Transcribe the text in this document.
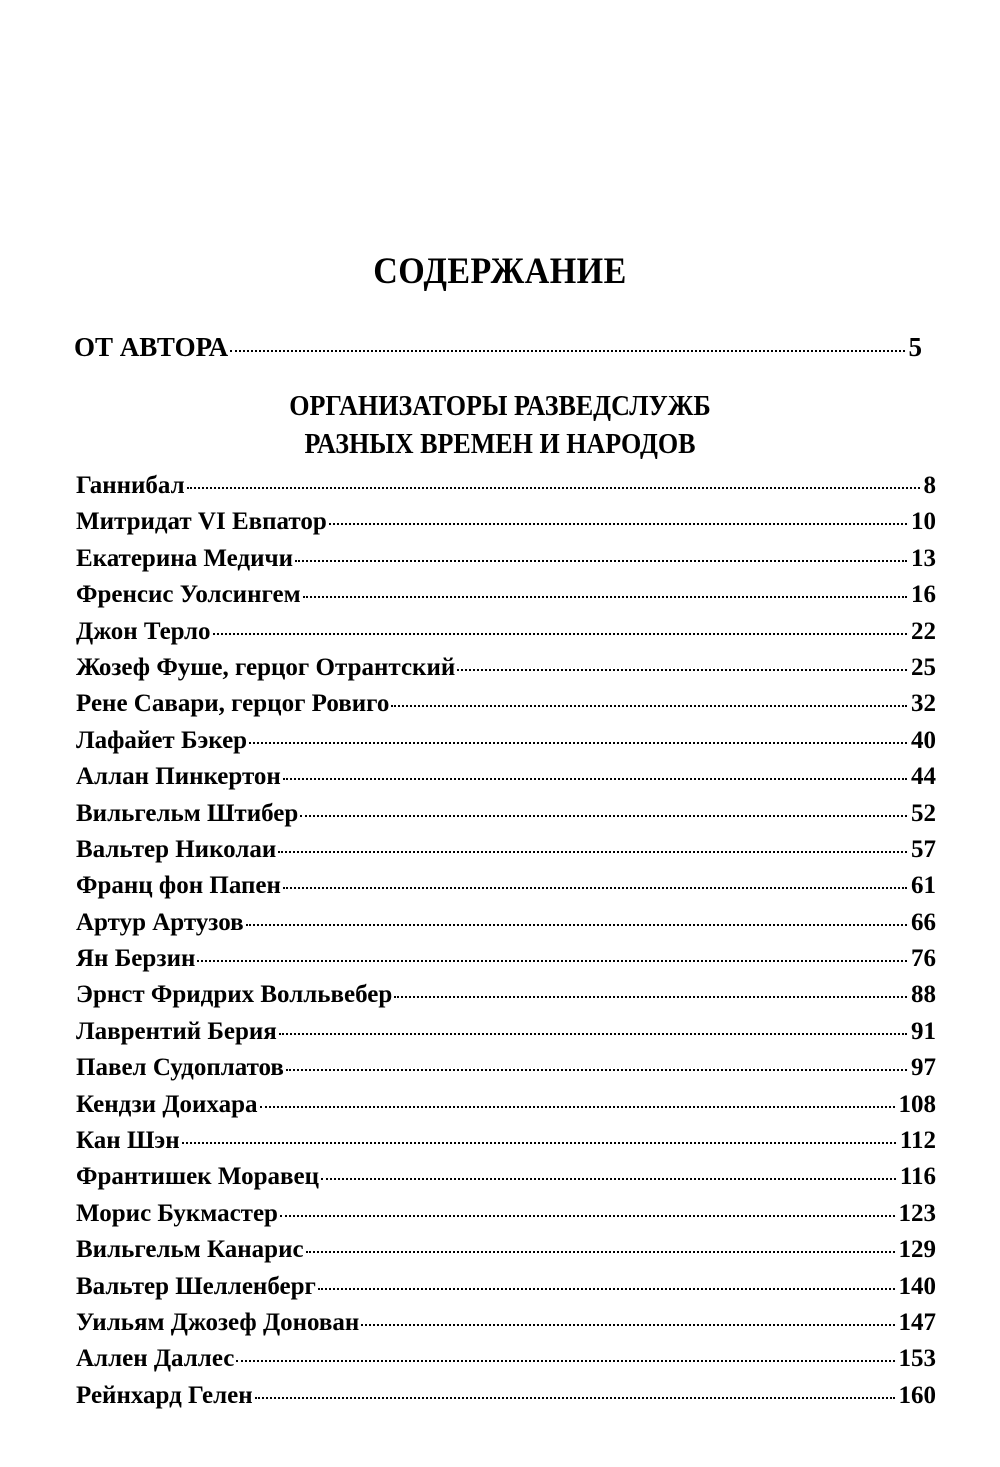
СОДЕРЖАНИЕ
ОТ АВТОРА	5
ОРГАНИЗАТОРЫ РАЗВЕДСЛУЖБ
РАЗНЫХ ВРЕМЕН И НАРОДОВ
Ганнибал	8
Митридат VI Евпатор	10
Екатерина Медичи	13
Френсис Уолсингем	16
Джон Терло	22
Жозеф Фуше, герцог Отрантский	25
Рене Савари, герцог Ровиго	32
Лафайет Бэкер	40
Аллан Пинкертон	44
Вильгельм Штибер	52
Вальтер Николаи	57
Франц фон Папен	61
Артур Артузов	66
Ян Берзин	76
Эрнст Фридрих Волльвебер	88
Лаврентий Берия	91
Павел Судоплатов	97
Кендзи Доихара	108
Кан Шэн	112
Франтишек Моравец	116
Морис Букмастер	123
Вильгельм Канарис	129
Вальтер Шелленберг	140
Уильям Джозеф Донован	147
Аллен Даллес	153
Рейнхард Гелен	160
